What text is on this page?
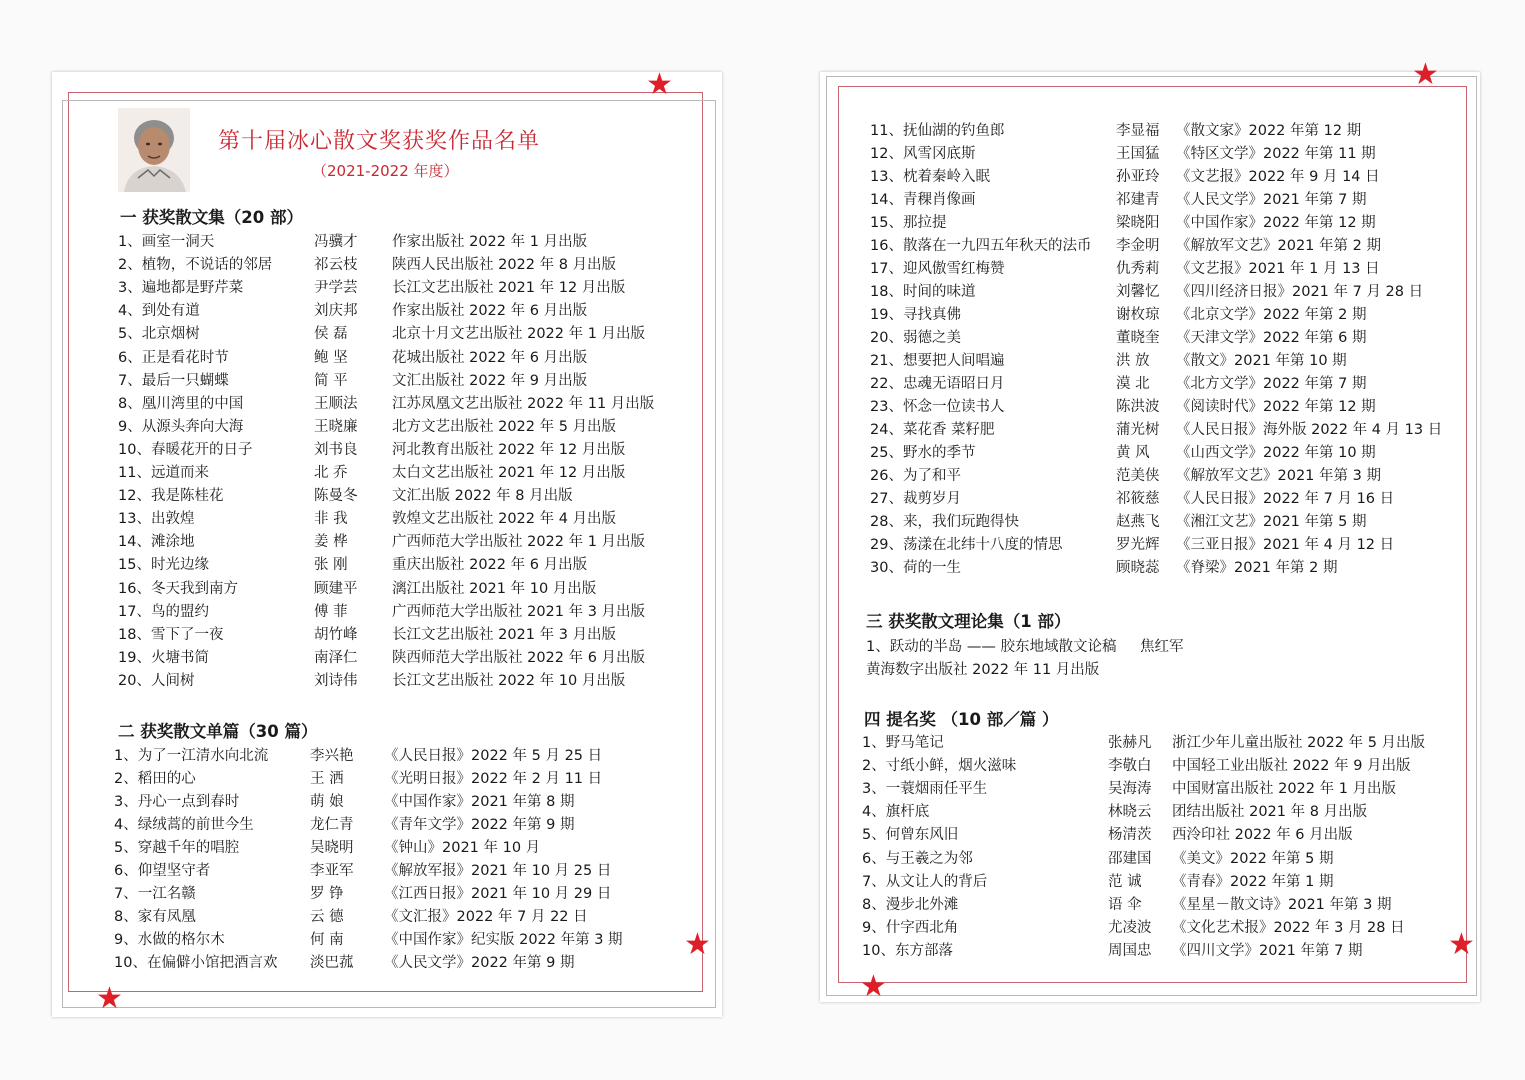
★
★
★
★
★
★
第十届冰心散文奖获奖作品名单
（2021-2022 年度）
一 获奖散文集（20 部）
二 获奖散文单篇（30 篇）
三 获奖散文理论集（1 部）
四 提名奖 （10 部／篇 ）
1、跃动的半岛 —— 胶东地域散文论稿 焦红军
黄海数字出版社 2022 年 11 月出版
1、画室一洞天	冯骥才 作家出版社 2022 年 1 月出版
2、植物，不说话的邻居	祁云枝 陕西人民出版社 2022 年 8 月出版
3、遍地都是野芹菜	尹学芸 长江文艺出版社 2021 年 12 月出版
4、到处有道	刘庆邦 作家出版社 2022 年 6 月出版
5、北京烟树	侯 磊	北京十月文艺出版社 2022 年 1 月出版
6、正是看花时节	鲍 坚	花城出版社 2022 年 6 月出版
7、最后一只蝴蝶	简 平	文汇出版社 2022 年 9 月出版
8、凰川湾里的中国	王顺法 江苏凤凰文艺出版社 2022 年 11 月出版
9、从源头奔向大海	王晓廉 北方文艺出版社 2022 年 5 月出版
10、春暖花开的日子	刘书良 河北教育出版社 2022 年 12 月出版
11、远道而来	北 乔	太白文艺出版社 2021 年 12 月出版
12、我是陈桂花	陈曼冬 文汇出版 2022 年 8 月出版
13、出敦煌	非 我	敦煌文艺出版社 2022 年 4 月出版
14、滩涂地	姜 桦	广西师范大学出版社 2022 年 1 月出版
15、时光边缘	张 刚	重庆出版社 2022 年 6 月出版
16、冬天我到南方	顾建平 漓江出版社 2021 年 10 月出版
17、鸟的盟约	傅 菲	广西师范大学出版社 2021 年 3 月出版
18、雪下了一夜	胡竹峰 长江文艺出版社 2021 年 3 月出版
19、火塘书简	南泽仁 陕西师范大学出版社 2022 年 6 月出版
20、人间树	刘诗伟 长江文艺出版社 2022 年 10 月出版
1、为了一江清水向北流	李兴艳 《人民日报》2022 年 5 月 25 日
2、稻田的心	王 洒	《光明日报》2022 年 2 月 11 日
3、丹心一点到春时	萌 娘	《中国作家》2021 年第 8 期
4、绿绒蒿的前世今生	龙仁青 《青年文学》2022 年第 9 期
5、穿越千年的唱腔	吴晓明 《钟山》2021 年 10 月
6、仰望坚守者	李亚军 《解放军报》2021 年 10 月 25 日
7、一江名赣	罗 铮	《江西日报》2021 年 10 月 29 日
8、家有凤凰	云 德	《文汇报》2022 年 7 月 22 日
9、水做的格尔木	何 南	《中国作家》纪实版 2022 年第 3 期
10、在偏僻小馆把酒言欢 淡巴菰 《人民文学》2022 年第 9 期
11、抚仙湖的钓鱼郎	李显福 《散文家》2022 年第 12 期
12、风雪冈底斯	王国猛 《特区文学》2022 年第 11 期
13、枕着秦岭入眠	孙亚玲 《文艺报》2022 年 9 月 14 日
14、青稞肖像画	祁建青 《人民文学》2021 年第 7 期
15、那拉提	梁晓阳 《中国作家》2022 年第 12 期
16、散落在一九四五年秋天的法币 李金明 《解放军文艺》2021 年第 2 期
17、迎风傲雪红梅赞	仇秀莉 《文艺报》2021 年 1 月 13 日
18、时间的味道	刘馨忆 《四川经济日报》2021 年 7 月 28 日
19、寻找真佛	谢枚琼 《北京文学》2022 年第 2 期
20、弱德之美	董晓奎 《天津文学》2022 年第 6 期
21、想要把人间唱遍	洪 放 《散文》2021 年第 10 期
22、忠魂无语昭日月	漠 北 《北方文学》2022 年第 7 期
23、怀念一位读书人	陈洪波 《阅读时代》2022 年第 12 期
24、菜花香 菜籽肥	蒲光树 《人民日报》海外版 2022 年 4 月 13 日
25、野水的季节	黄 风 《山西文学》2022 年第 10 期
26、为了和平	范美侠 《解放军文艺》2021 年第 3 期
27、裁剪岁月	祁筱慈 《人民日报》2022 年 7 月 16 日
28、来，我们玩跑得快	赵燕飞 《湘江文艺》2021 年第 5 期
29、荡漾在北纬十八度的情思	罗光辉 《三亚日报》2021 年 4 月 12 日
30、荷的一生	顾晓蕊 《脊梁》2021 年第 2 期
1、野马笔记	张赫凡 浙江少年儿童出版社 2022 年 5 月出版
2、寸纸小鲜，烟火滋味	李敬白 中国轻工业出版社 2022 年 9 月出版
3、一蓑烟雨任平生	吴海涛 中国财富出版社 2022 年 1 月出版
4、旗杆底	林晓云 团结出版社 2021 年 8 月出版
5、何曾东风旧	杨清茨 西泠印社 2022 年 6 月出版
6、与王羲之为邻	邵建国 《美文》2022 年第 5 期
7、从文让人的背后	范 诚 《青春》2022 年第 1 期
8、漫步北外滩	语 伞 《星星－散文诗》2021 年第 3 期
9、什字西北角	尤凌波 《文化艺术报》2022 年 3 月 28 日
10、东方部落	周国忠 《四川文学》2021 年第 7 期
